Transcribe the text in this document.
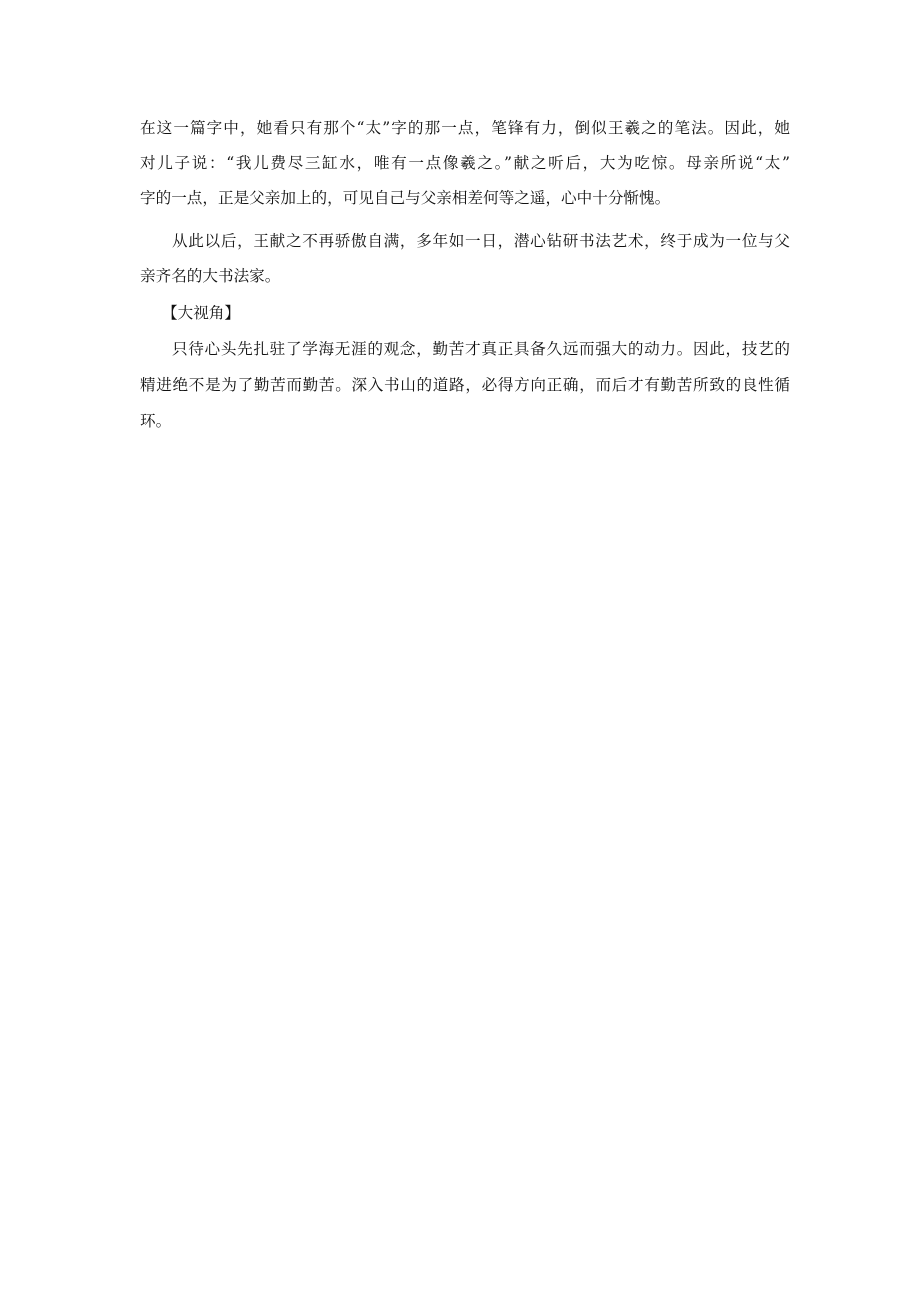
在这一篇字中，她看只有那个“太”字的那一点，笔锋有力，倒似王羲之的笔法。因此，她
对儿子说：“我儿费尽三缸水，唯有一点像羲之。”献之听后，大为吃惊。母亲所说“太”
字的一点，正是父亲加上的，可见自己与父亲相差何等之遥，心中十分惭愧。
从此以后，王献之不再骄傲自满，多年如一日，潜心钻研书法艺术，终于成为一位与父
亲齐名的大书法家。
【大视角】
只待心头先扎驻了学海无涯的观念，勤苦才真正具备久远而强大的动力。因此，技艺的
精进绝不是为了勤苦而勤苦。深入书山的道路，必得方向正确，而后才有勤苦所致的良性循
环。
